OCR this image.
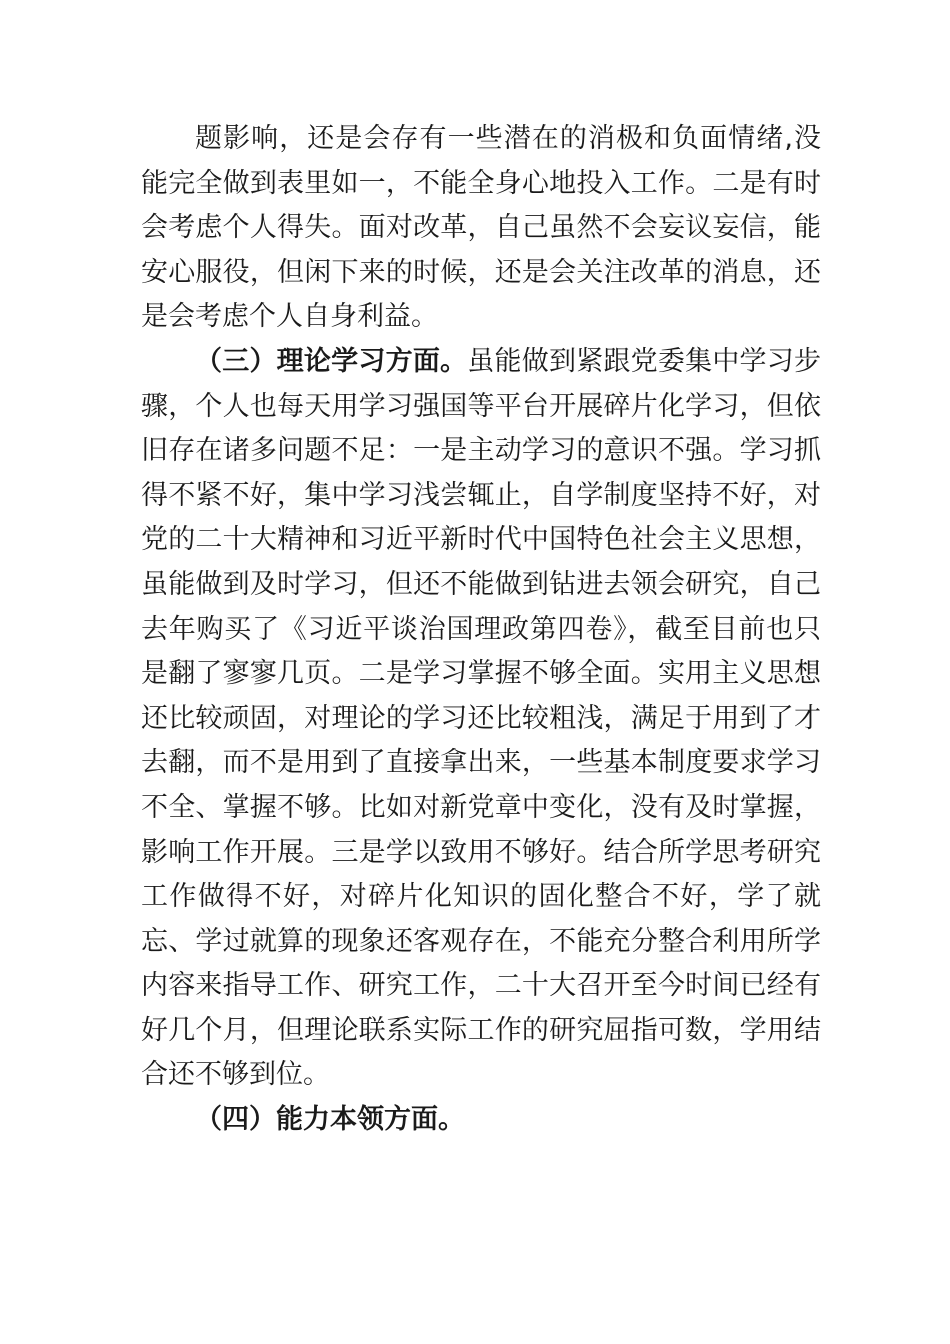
题影响，还是会存有一些潜在的消极和负面情绪,没能完全做到表里如一，不能全身心地投入工作。二是有时会考虑个人得失。面对改革，自己虽然不会妄议妄信，能安心服役，但闲下来的时候，还是会关注改革的消息，还是会考虑个人自身利益。

（三）理论学习方面。虽能做到紧跟党委集中学习步骤，个人也每天用学习强国等平台开展碎片化学习，但依旧存在诸多问题不足：一是主动学习的意识不强。学习抓得不紧不好，集中学习浅尝辄止，自学制度坚持不好，对党的二十大精神和习近平新时代中国特色社会主义思想，虽能做到及时学习，但还不能做到钻进去领会研究，自己去年购买了《习近平谈治国理政第四卷》，截至目前也只是翻了寥寥几页。二是学习掌握不够全面。实用主义思想还比较顽固，对理论的学习还比较粗浅，满足于用到了才去翻，而不是用到了直接拿出来，一些基本制度要求学习不全、掌握不够。比如对新党章中变化，没有及时掌握，影响工作开展。三是学以致用不够好。结合所学思考研究工作做得不好，对碎片化知识的固化整合不好，学了就忘、学过就算的现象还客观存在，不能充分整合利用所学内容来指导工作、研究工作，二十大召开至今时间已经有好几个月，但理论联系实际工作的研究屈指可数，学用结合还不够到位。

（四）能力本领方面。
